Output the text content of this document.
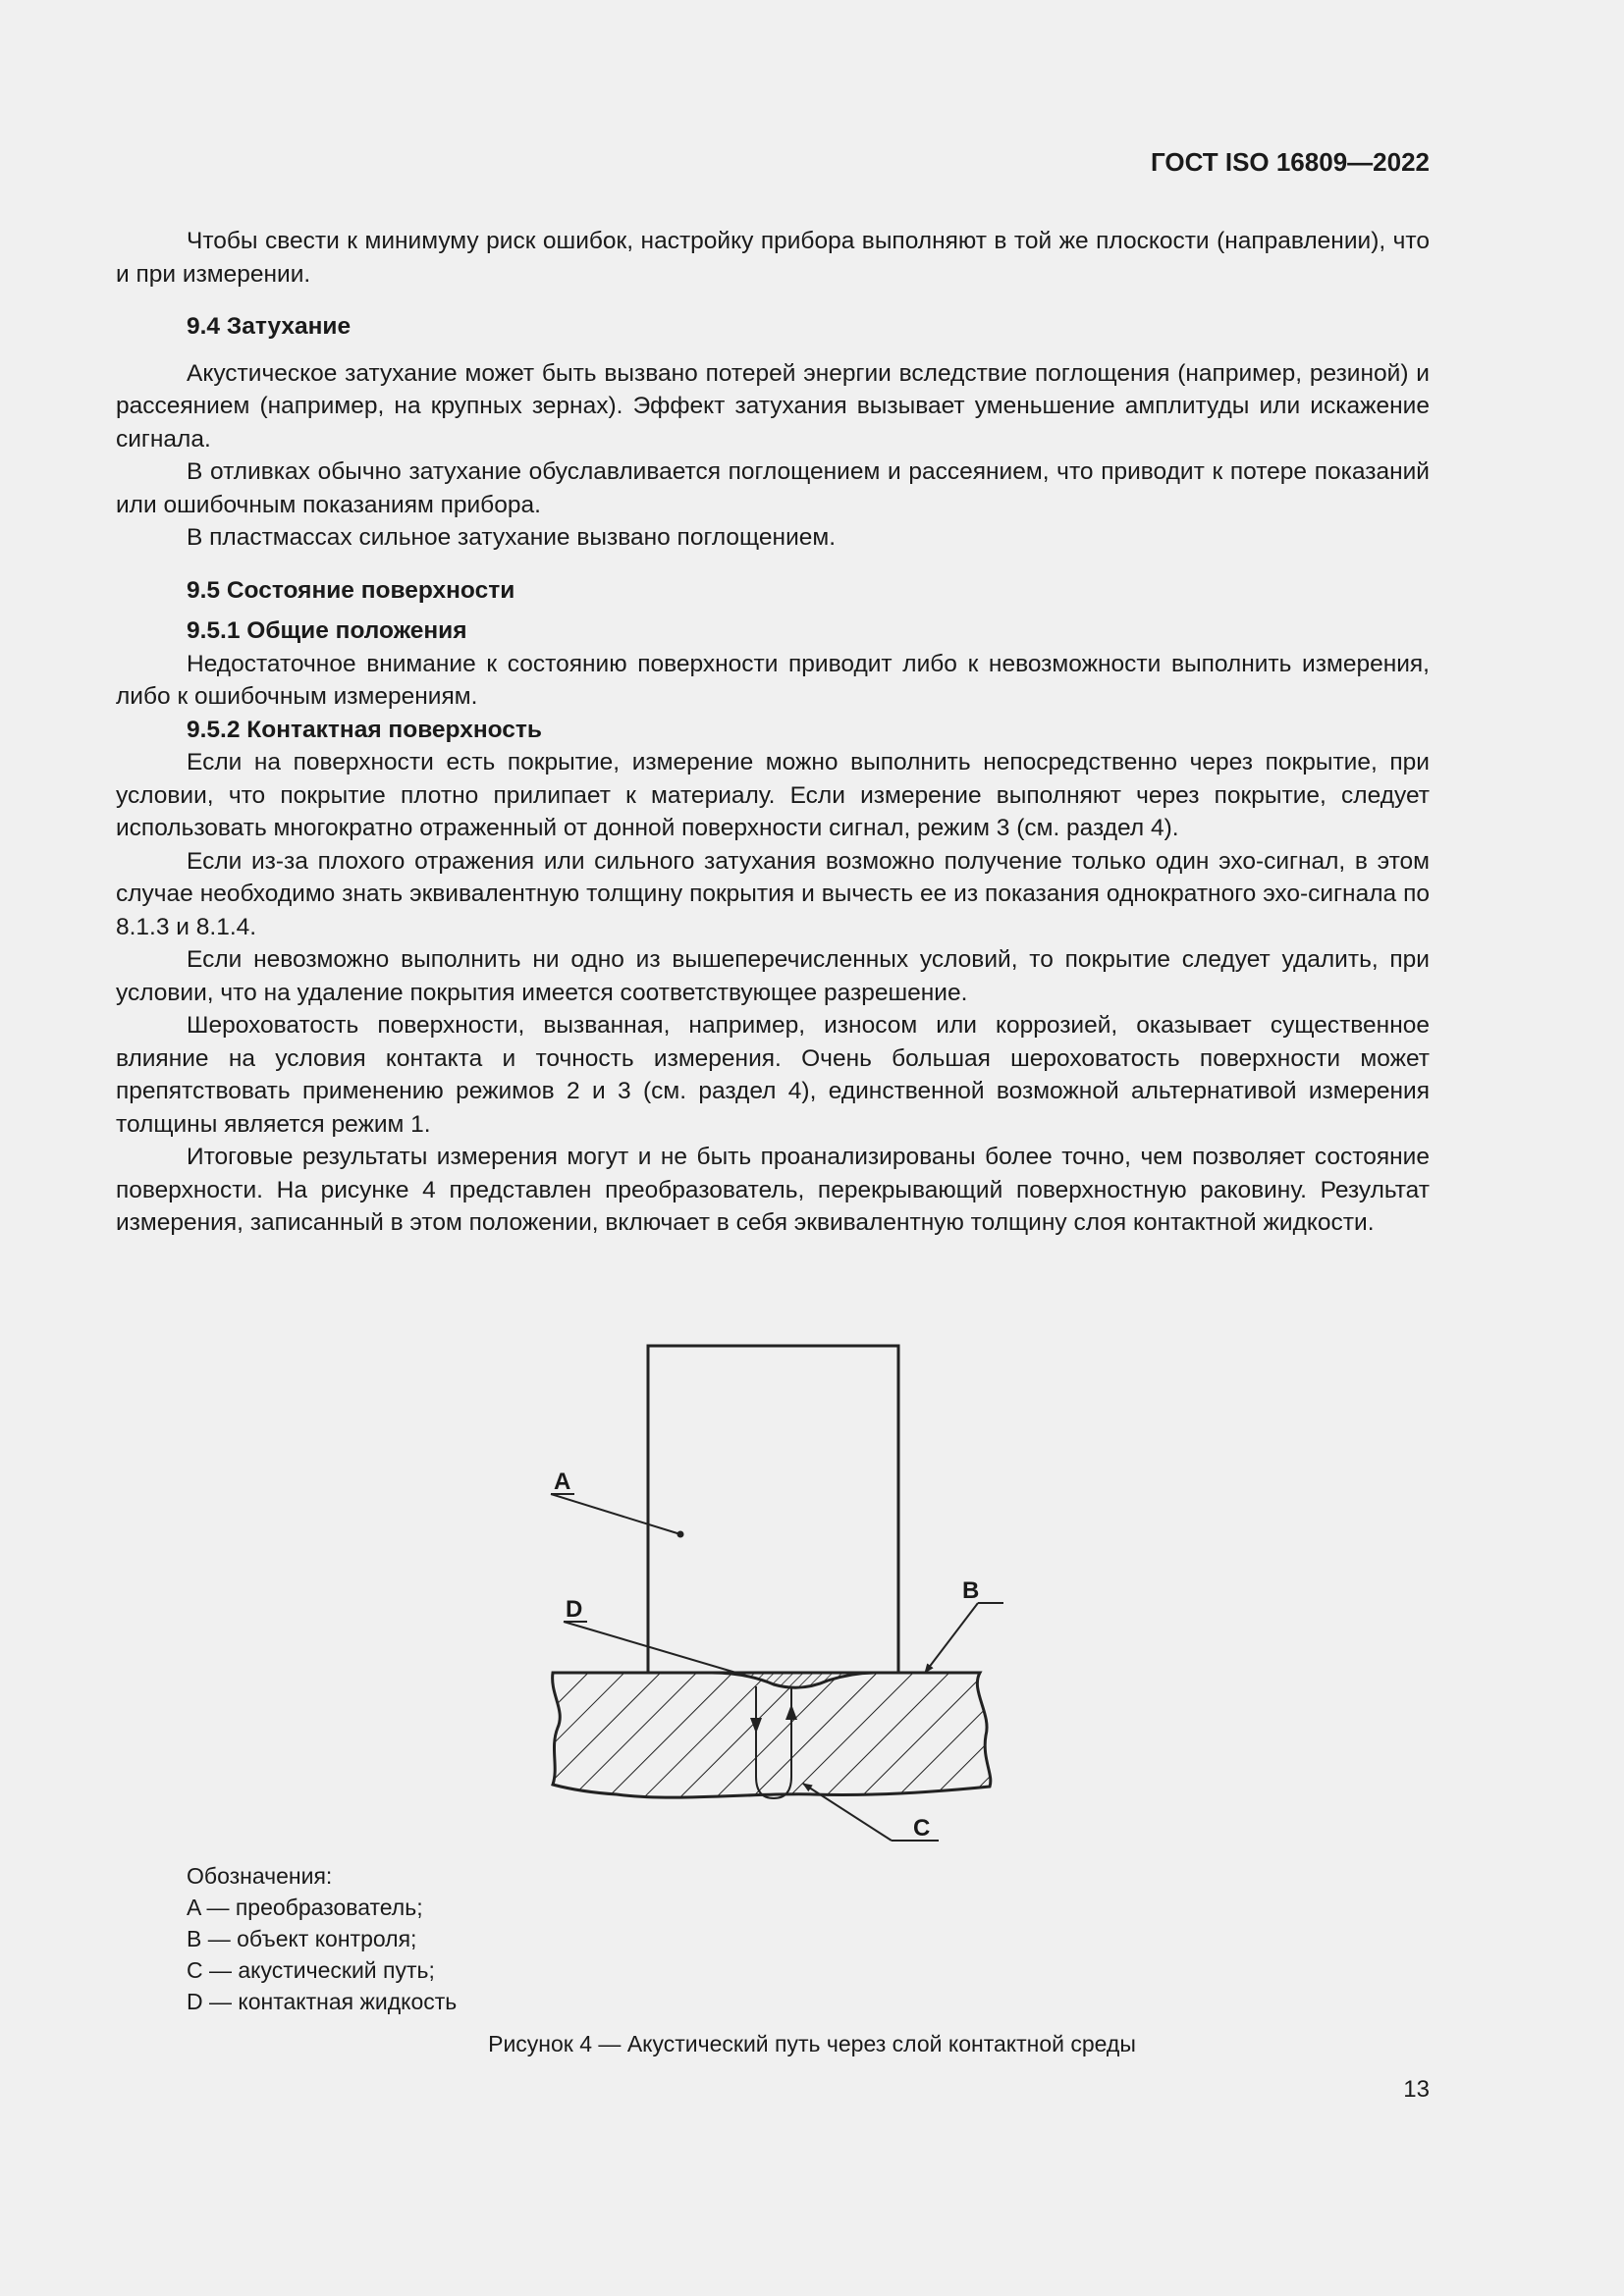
ГОСТ ISO 16809—2022

Чтобы свести к минимуму риск ошибок, настройку прибора выполняют в той же плоскости (направлении), что и при измерении.

9.4 Затухание

Акустическое затухание может быть вызвано потерей энергии вследствие поглощения (например, резиной) и рассеянием (например, на крупных зернах). Эффект затухания вызывает уменьшение амплитуды или искажение сигнала.

В отливках обычно затухание обуславливается поглощением и рассеянием, что приводит к потере показаний или ошибочным показаниям прибора.

В пластмассах сильное затухание вызвано поглощением.

9.5 Состояние поверхности
9.5.1 Общие положения

Недостаточное внимание к состоянию поверхности приводит либо к невозможности выполнить измерения, либо к ошибочным измерениям.

9.5.2 Контактная поверхность

Если на поверхности есть покрытие, измерение можно выполнить непосредственно через покрытие, при условии, что покрытие плотно прилипает к материалу. Если измерение выполняют через покрытие, следует использовать многократно отраженный от донной поверхности сигнал, режим 3 (см. раздел 4).

Если из-за плохого отражения или сильного затухания возможно получение только один эхо-сигнал, в этом случае необходимо знать эквивалентную толщину покрытия и вычесть ее из показания однократного эхо-сигнала по 8.1.3 и 8.1.4.

Если невозможно выполнить ни одно из вышеперечисленных условий, то покрытие следует удалить, при условии, что на удаление покрытия имеется соответствующее разрешение.

Шероховатость поверхности, вызванная, например, износом или коррозией, оказывает существенное влияние на условия контакта и точность измерения. Очень большая шероховатость поверхности может препятствовать применению режимов 2 и 3 (см. раздел 4), единственной возможной альтернативой измерения толщины является режим 1.

Итоговые результаты измерения могут и не быть проанализированы более точно, чем позволяет состояние поверхности. На рисунке 4 представлен преобразователь, перекрывающий поверхностную раковину. Результат измерения, записанный в этом положении, включает в себя эквивалентную толщину слоя контактной жидкости.

A
D
B
C
Обозначения:
A — преобразователь;
B — объект контроля;
C — акустический путь;
D — контактная жидкость

Рисунок 4 — Акустический путь через слой контактной среды

13
